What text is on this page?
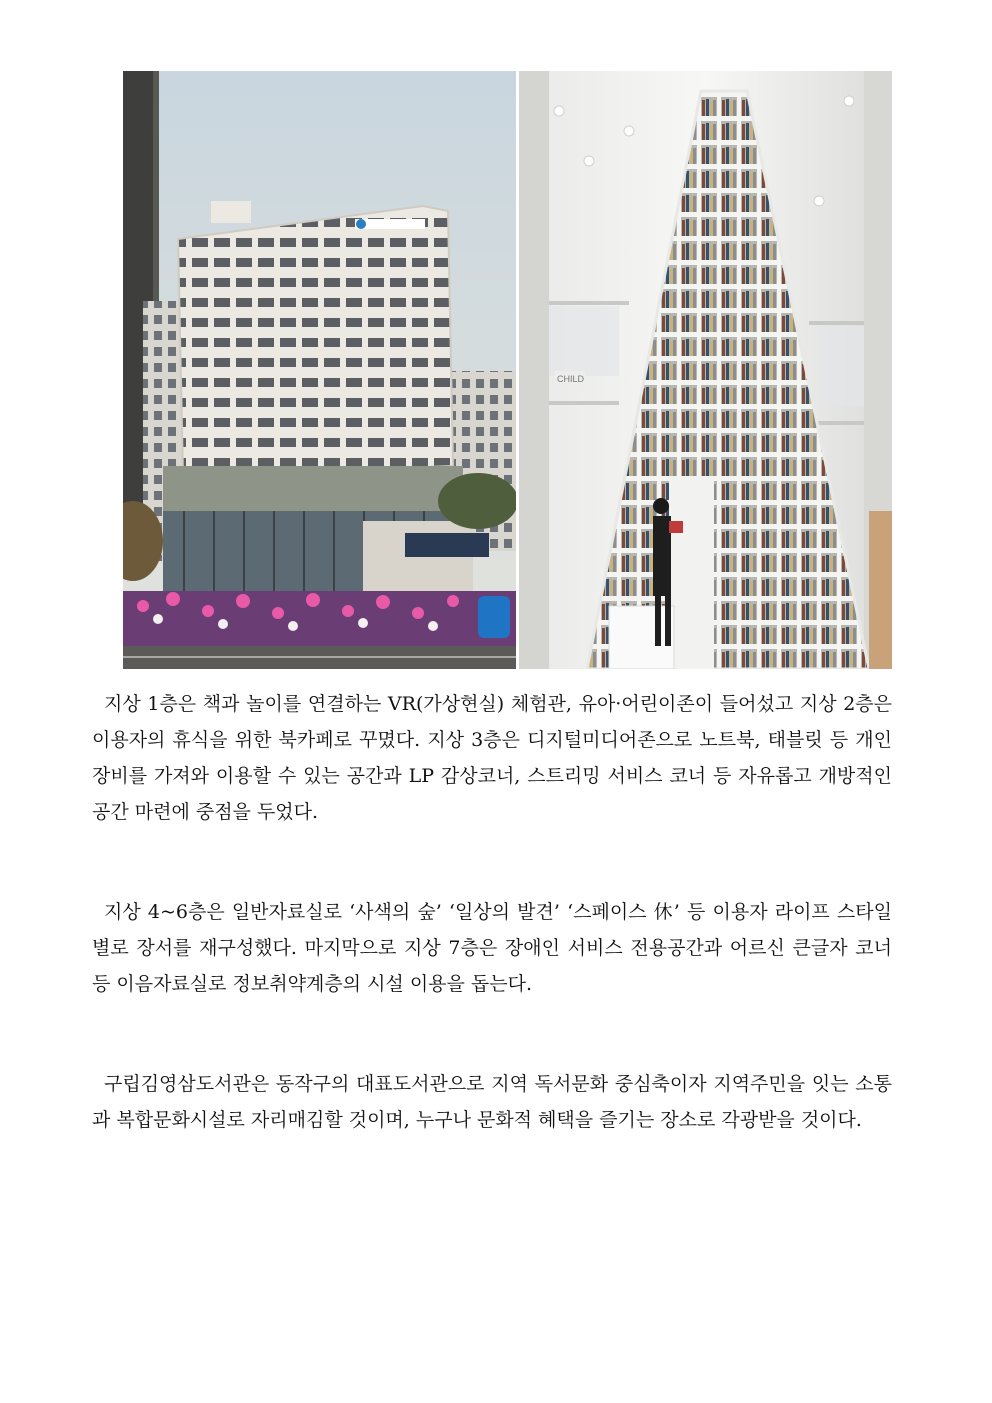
CHILD

지상 1층은 책과 놀이를 연결하는 VR(가상현실) 체험관, 유아·어린이존이 들어섰고 지상 2층은 이용자의 휴식을 위한 북카페로 꾸몄다. 지상 3층은 디지털미디어존으로 노트북, 태블릿 등 개인 장비를 가져와 이용할 수 있는 공간과 LP 감상코너, 스트리밍 서비스 코너 등 자유롭고 개방적인 공간 마련에 중점을 두었다.

지상 4~6층은 일반자료실로 ‘사색의 숲’ ‘일상의 발견’ ‘스페이스 休’ 등 이용자 라이프 스타일별로 장서를 재구성했다. 마지막으로 지상 7층은 장애인 서비스 전용공간과 어르신 큰글자 코너 등 이음자료실로 정보취약계층의 시설 이용을 돕는다.

구립김영삼도서관은 동작구의 대표도서관으로 지역 독서문화 중심축이자 지역주민을 잇는 소통과 복합문화시설로 자리매김할 것이며, 누구나 문화적 혜택을 즐기는 장소로 각광받을 것이다.
